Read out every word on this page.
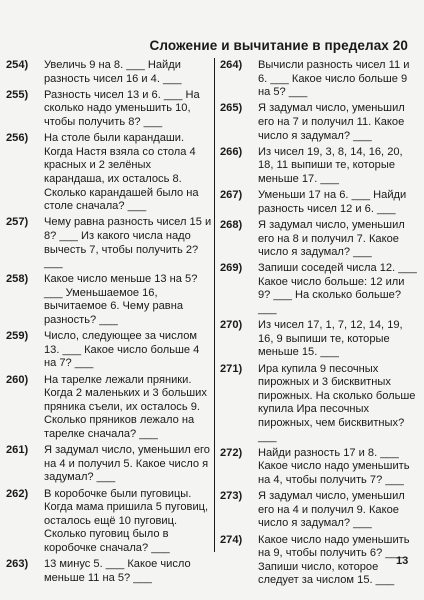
Сложение и вычитание в пределах 20
254) Увеличь 9 на 8. ___ Найди разность чисел 16 и 4. ___
255) Разность чисел 13 и 6. ___ На сколько надо уменьшить 10, чтобы получить 8? ___
256) На столе были карандаши. Когда Настя взяла со стола 4 красных и 2 зелёных карандаша, их осталось 8. Сколько карандашей было на столе сначала? ___
257) Чему равна разность чисел 15 и 8? ___ Из какого числа надо вычесть 7, чтобы получить 2? ___
258) Какое число меньше 13 на 5? ___ Уменьшаемое 16, вычитаемое 6. Чему равна разность? ___
259) Число, следующее за числом 13. ___ Какое число больше 4 на 7? ___
260) На тарелке лежали пряники. Когда 2 маленьких и 3 больших пряника съели, их осталось 9. Сколько пряников лежало на тарелке сначала? ___
261) Я задумал число, уменьшил его на 4 и получил 5. Какое число я задумал? ___
262) В коробочке были пуговицы. Когда мама пришила 5 пуговиц, осталось ещё 10 пуговиц. Сколько пуговиц было в коробочке сначала? ___
263) 13 минус 5. ___ Какое число меньше 11 на 5? ___
264) Вычисли разность чисел 11 и 6. ___ Какое число больше 9 на 5? ___
265) Я задумал число, уменьшил его на 7 и получил 11. Какое число я задумал? ___
266) Из чисел 19, 3, 8, 14, 16, 20, 18, 11 выпиши те, которые меньше 17. ___
267) Уменьши 17 на 6. ___ Найди разность чисел 12 и 6. ___
268) Я задумал число, уменьшил его на 8 и получил 7. Какое число я задумал? ___
269) Запиши соседей числа 12. ___ Какое число больше: 12 или 9? ___ На сколько больше? ___
270) Из чисел 17, 1, 7, 12, 14, 19, 16, 9 выпиши те, которые меньше 15. ___
271) Ира купила 9 песочных пирожных и 3 бисквитных пирожных. На сколько больше купила Ира песочных пирожных, чем бисквитных? ___
272) Найди разность 17 и 8. ___ Какое число надо уменьшить на 4, чтобы получить 7? ___
273) Я задумал число, уменьшил его на 4 и получил 9. Какое число я задумал? ___
274) Какое число надо уменьшить на 9, чтобы получить 6? ___ Запиши число, которое следует за числом 15. ___
13
